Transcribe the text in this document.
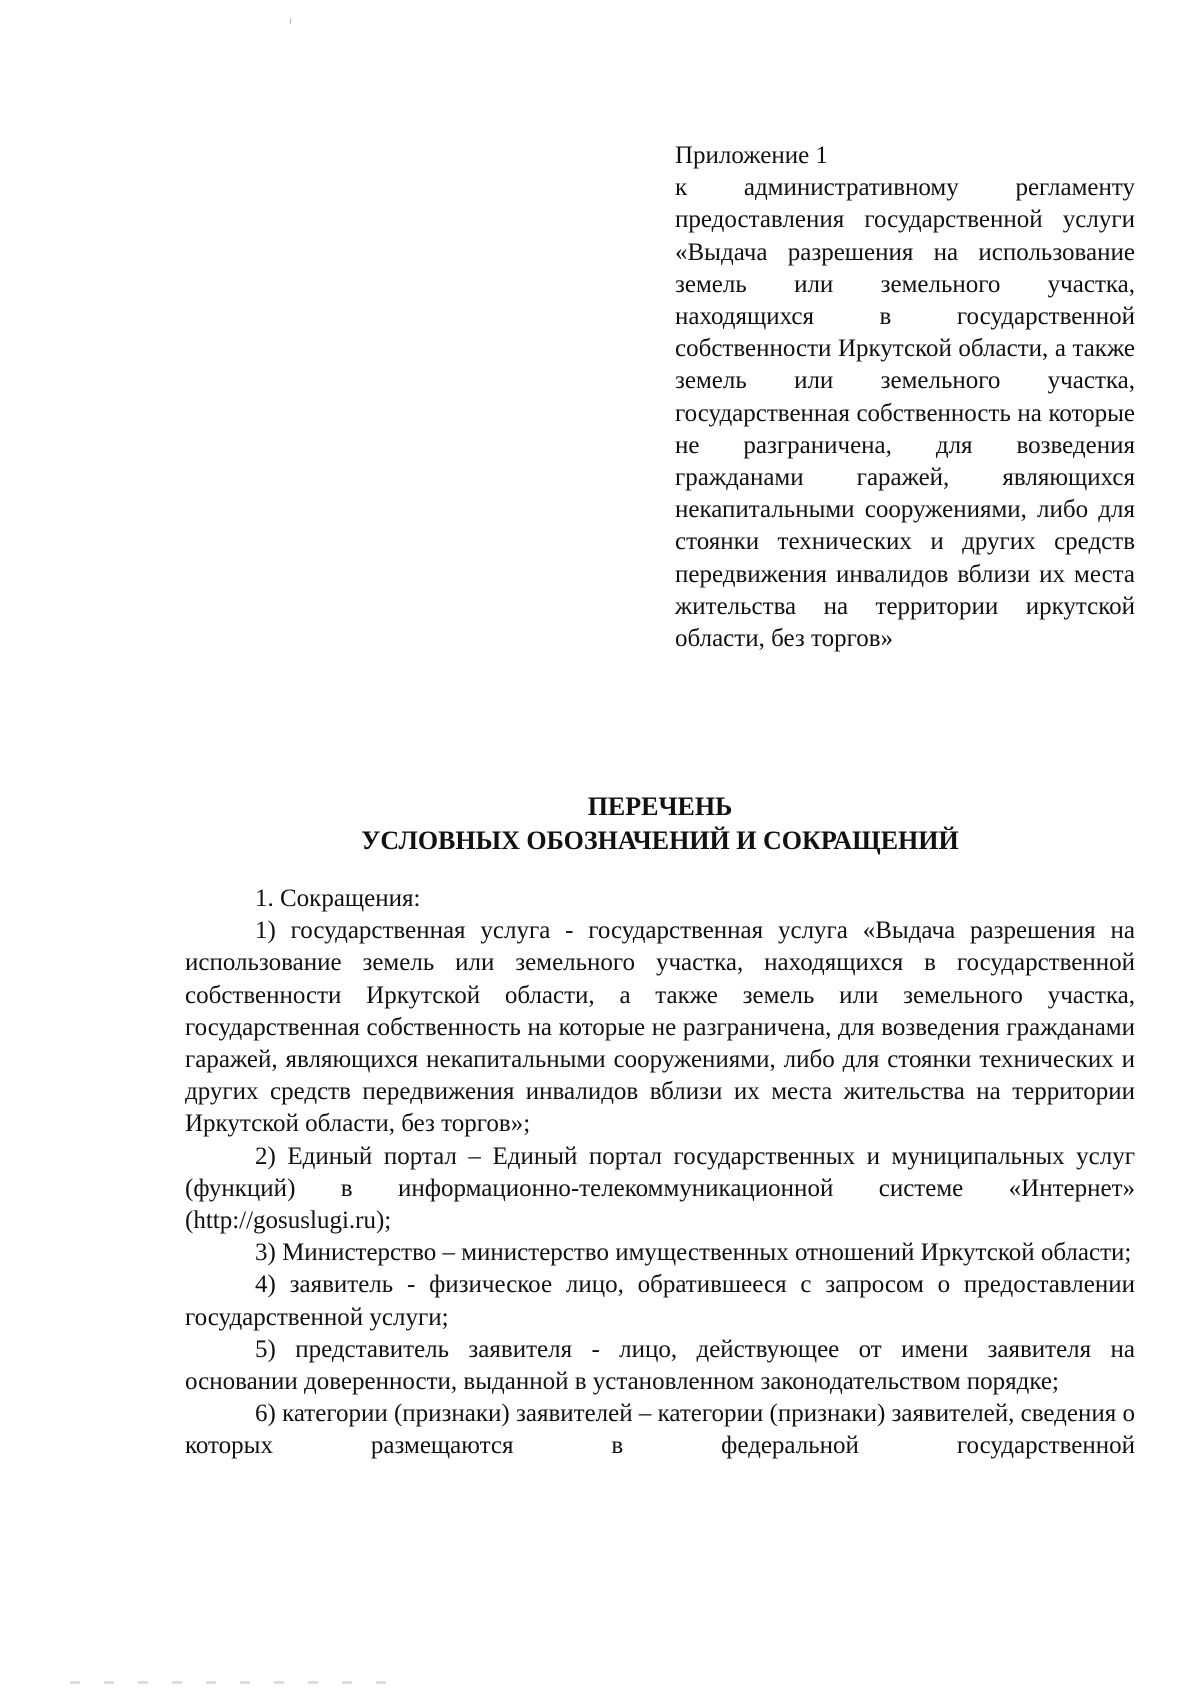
Приложение 1
к административному регламенту предоставления государственной услуги «Выдача разрешения на использование земель или земельного участка, находящихся в государственной собственности Иркутской области, а также земель или земельного участка, государственная собственность на которые не разграничена, для возведения гражданами гаражей, являющихся некапитальными сооружениями, либо для стоянки технических и других средств передвижения инвалидов вблизи их места жительства на территории иркутской области, без торгов»
ПЕРЕЧЕНЬ
УСЛОВНЫХ ОБОЗНАЧЕНИЙ И СОКРАЩЕНИЙ

1. Сокращения:

1) государственная услуга - государственная услуга «Выдача разрешения на использование земель или земельного участка, находящихся в государственной собственности Иркутской области, а также земель или земельного участка, государственная собственность на которые не разграничена, для возведения гражданами гаражей, являющихся некапитальными сооружениями, либо для стоянки технических и других средств передвижения инвалидов вблизи их места жительства на территории Иркутской области, без торгов»;

2) Единый портал – Единый портал государственных и муниципальных услуг (функций) в информационно-телекоммуникационной системе «Интернет» (http://gosuslugi.ru);

3) Министерство – министерство имущественных отношений Иркутской области;

4) заявитель - физическое лицо, обратившееся с запросом о предоставлении государственной услуги;

5) представитель заявителя - лицо, действующее от имени заявителя на основании доверенности, выданной в установленном законодательством порядке;

6) категории (признаки) заявителей – категории (признаки) заявителей, сведения о которых размещаются в федеральной государственной
